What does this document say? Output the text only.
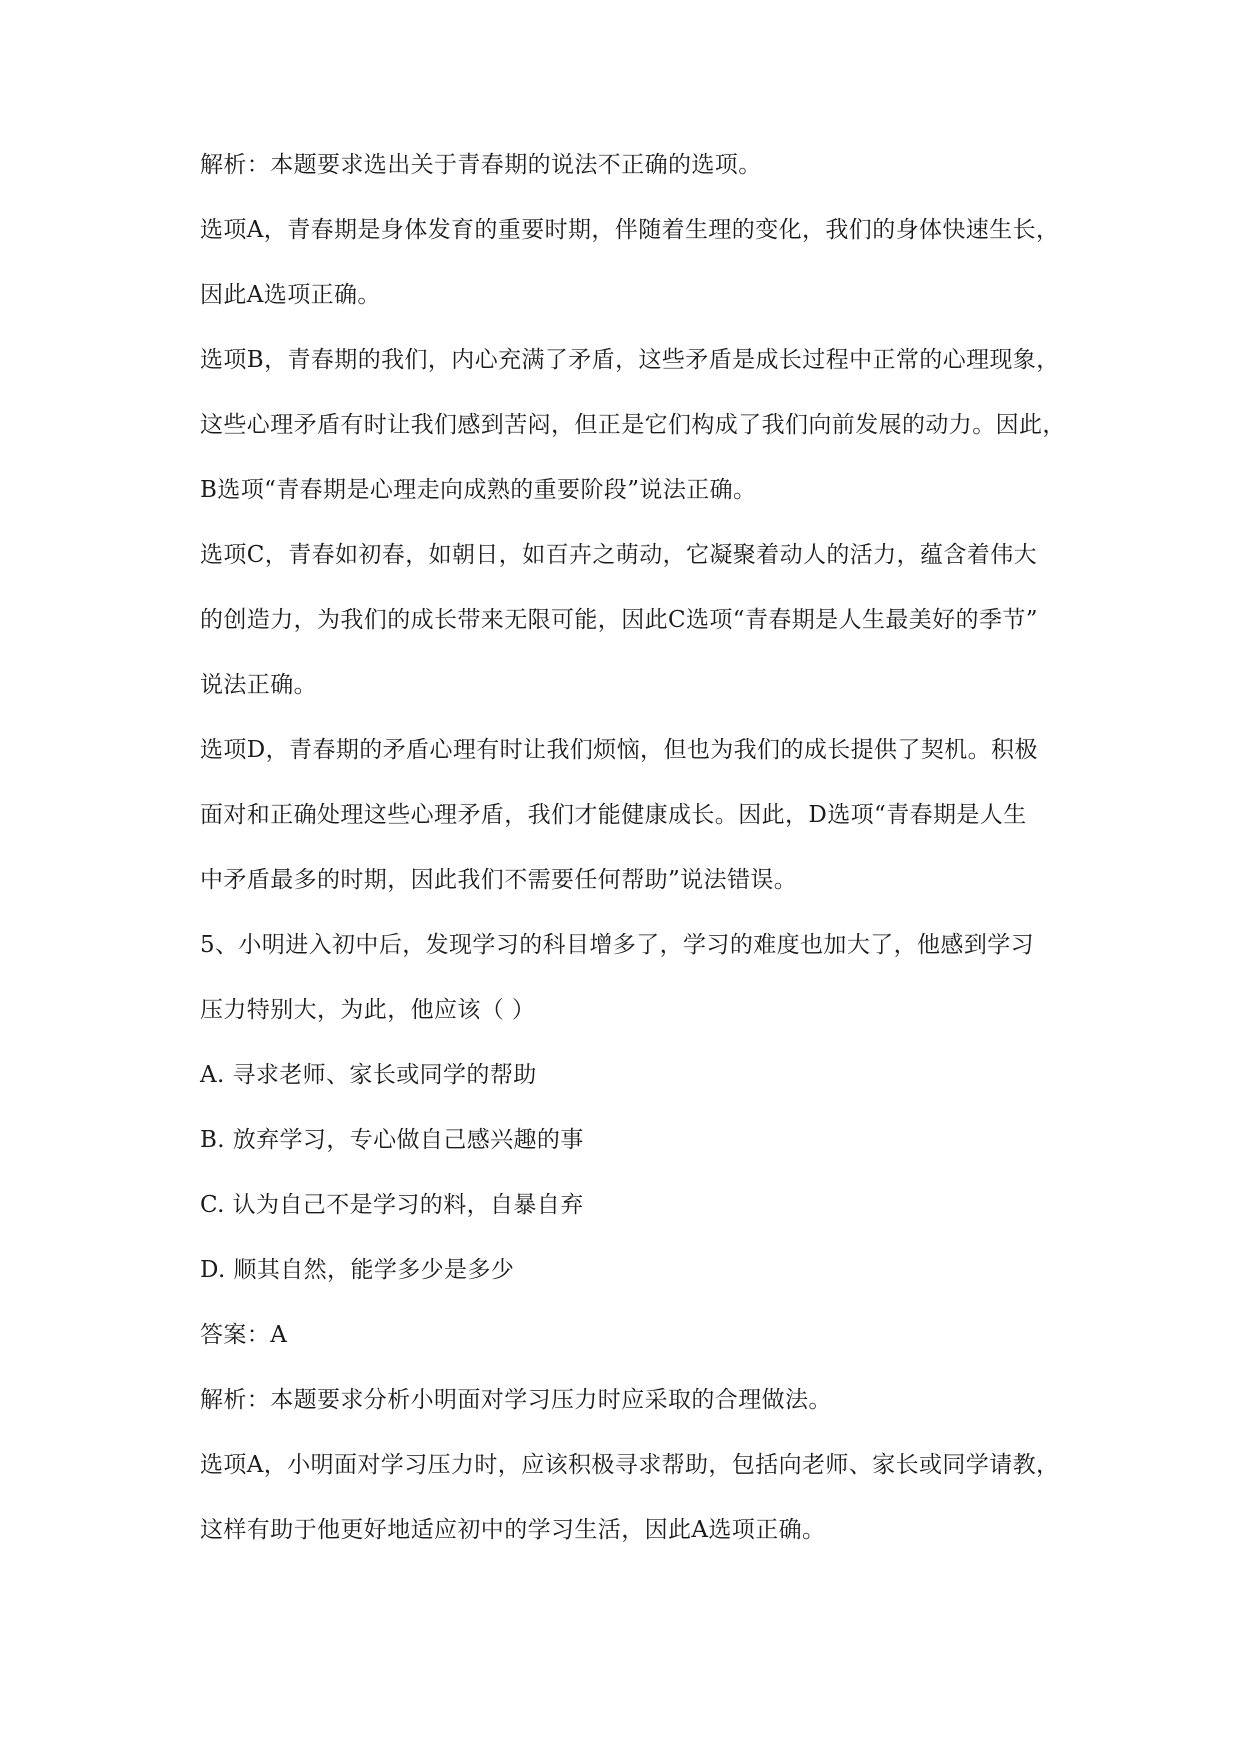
解析：本题要求选出关于青春期的说法不正确的选项。
选项A，青春期是身体发育的重要时期，伴随着生理的变化，我们的身体快速生长，
因此A选项正确。
选项B，青春期的我们，内心充满了矛盾，这些矛盾是成长过程中正常的心理现象，
这些心理矛盾有时让我们感到苦闷，但正是它们构成了我们向前发展的动力。因此，
B选项“青春期是心理走向成熟的重要阶段”说法正确。
选项C，青春如初春，如朝日，如百卉之萌动，它凝聚着动人的活力，蕴含着伟大
的创造力，为我们的成长带来无限可能，因此C选项“青春期是人生最美好的季节”
说法正确。
选项D，青春期的矛盾心理有时让我们烦恼，但也为我们的成长提供了契机。积极
面对和正确处理这些心理矛盾，我们才能健康成长。因此，D选项“青春期是人生
中矛盾最多的时期，因此我们不需要任何帮助”说法错误。
5、小明进入初中后，发现学习的科目增多了，学习的难度也加大了，他感到学习
压力特别大，为此，他应该（ ）
A. 寻求老师、家长或同学的帮助
B. 放弃学习，专心做自己感兴趣的事
C. 认为自己不是学习的料，自暴自弃
D. 顺其自然，能学多少是多少
答案：A
解析：本题要求分析小明面对学习压力时应采取的合理做法。
选项A，小明面对学习压力时，应该积极寻求帮助，包括向老师、家长或同学请教，
这样有助于他更好地适应初中的学习生活，因此A选项正确。
